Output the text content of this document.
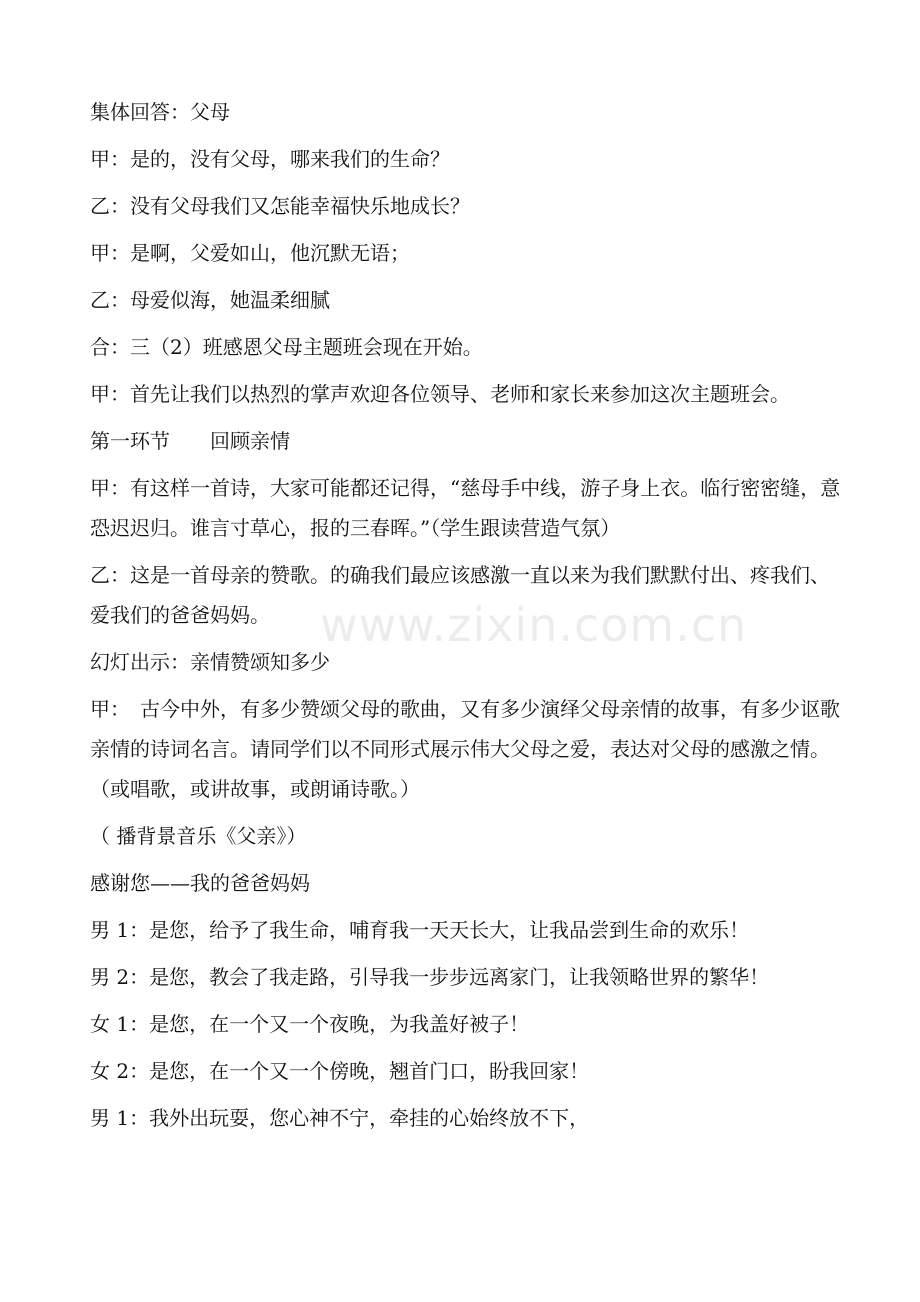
集体回答：父母

甲：是的，没有父母，哪来我们的生命？

乙：没有父母我们又怎能幸福快乐地成长？

甲：是啊，父爱如山，他沉默无语；

乙：母爱似海，她温柔细腻

合：三（2）班感恩父母主题班会现在开始。

甲：首先让我们以热烈的掌声欢迎各位领导、老师和家长来参加这次主题班会。

第一环节　　回顾亲情

甲：有这样一首诗，大家可能都还记得，“慈母手中线，游子身上衣。临行密密缝，意恐迟迟归。谁言寸草心，报的三春晖。”（学生跟读营造气氛）

乙：这是一首母亲的赞歌。的确我们最应该感激一直以来为我们默默付出、疼我们、爱我们的爸爸妈妈。

幻灯出示：亲情赞颂知多少

甲：　古今中外，有多少赞颂父母的歌曲，又有多少演绎父母亲情的故事，有多少讴歌亲情的诗词名言。请同学们以不同形式展示伟大父母之爱，表达对父母的感激之情。（或唱歌，或讲故事，或朗诵诗歌。）

（ 播背景音乐《父亲》）

感谢您——我的爸爸妈妈

男 1：是您，给予了我生命，哺育我一天天长大，让我品尝到生命的欢乐！

男 2：是您，教会了我走路，引导我一步步远离家门，让我领略世界的繁华！

女 1：是您，在一个又一个夜晚，为我盖好被子！

女 2：是您，在一个又一个傍晚，翘首门口，盼我回家！

男 1：我外出玩耍，您心神不宁，牵挂的心始终放不下，

www.zixin.com.cn
